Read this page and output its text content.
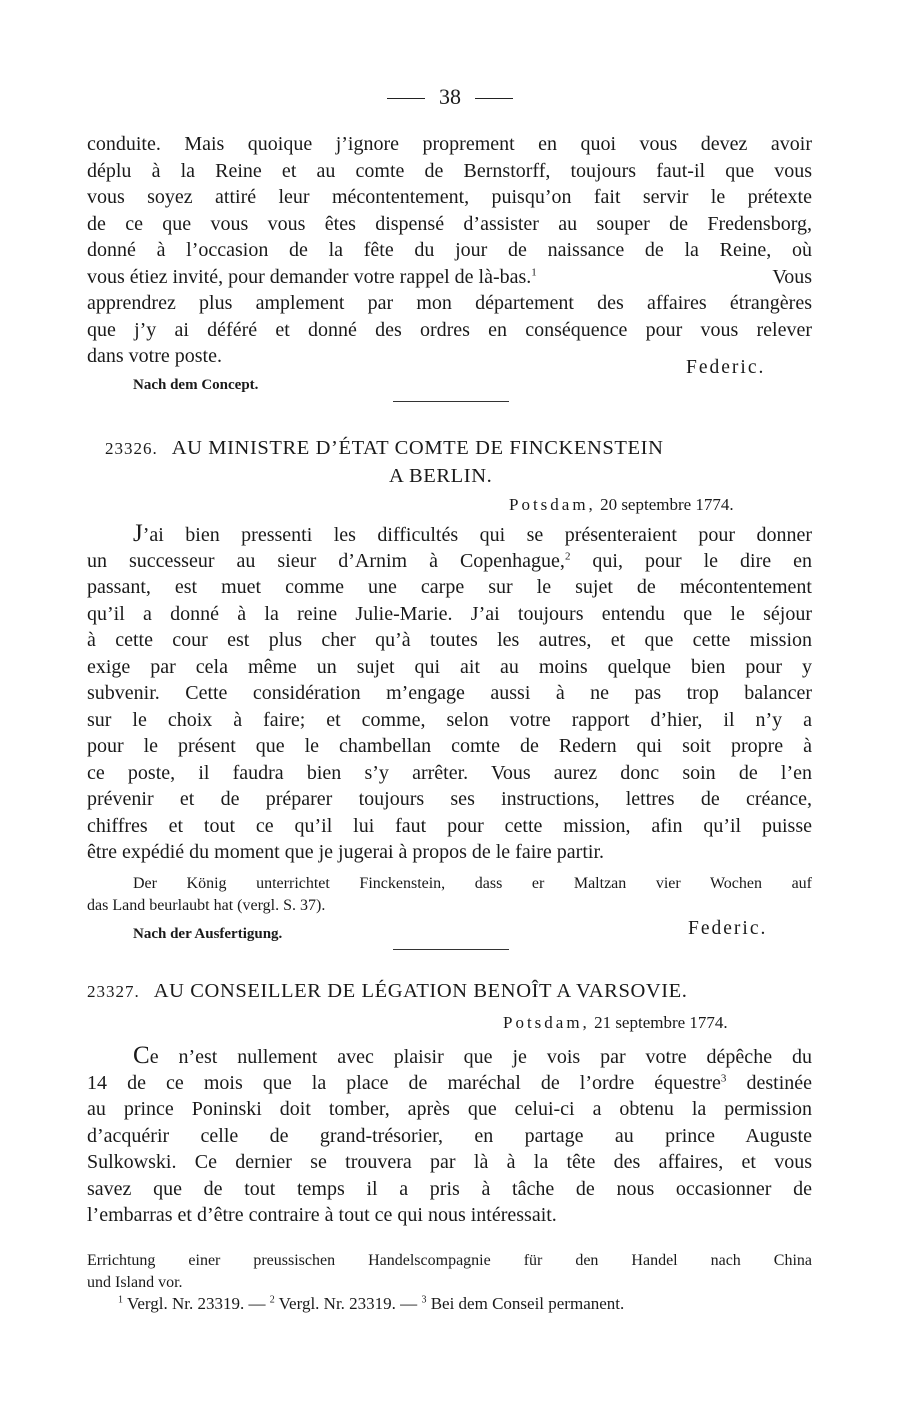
38
conduite. Mais quoique j’ignore proprement en quoi vous devez avoir
déplu à la Reine et au comte de Bernstorff, toujours faut-il que vous
vous soyez attiré leur mécontentement, puisqu’on fait servir le prétexte
de ce que vous vous êtes dispensé d’assister au souper de Fredensborg,
donné à l’occasion de la fête du jour de naissance de la Reine, où
vous étiez invité, pour demander votre rappel de là-bas.$^1$	Vous
apprendrez plus amplement par mon département des affaires étrangères
que j’y ai déféré et donné des ordres en conséquence pour vous relever
dans votre poste.
Federic.
Nach dem Concept.
23326. AU MINISTRE D’ÉTAT COMTE DE FINCKENSTEIN
A BERLIN.
Potsdam, 20 septembre 1774.
J’ai bien pressenti les difficultés qui se présenteraient pour donner
un successeur au sieur d’Arnim à Copenhague,$^2$ qui, pour le dire en
passant, est muet comme une carpe sur le sujet de mécontentement
qu’il a donné à la reine Julie-Marie. J’ai toujours entendu que le séjour
à cette cour est plus cher qu’à toutes les autres, et que cette mission
exige par cela même un sujet qui ait au moins quelque bien pour y
subvenir. Cette considération m’engage aussi à ne pas trop balancer
sur le choix à faire; et comme, selon votre rapport d’hier, il n’y a
pour le présent que le chambellan comte de Redern qui soit propre à
ce poste, il faudra bien s’y arrêter. Vous aurez donc soin de l’en
prévenir et de préparer toujours ses instructions, lettres de créance,
chiffres et tout ce qu’il lui faut pour cette mission, afin qu’il puisse
être expédié du moment que je jugerai à propos de le faire partir.
Der König unterrichtet Finckenstein, dass er Maltzan vier Wochen auf
das Land beurlaubt hat (vergl. S. 37).
Nach der Ausfertigung.	Federic.
23327. AU CONSEILLER DE LÉGATION BENOÎT A VARSOVIE.
Potsdam, 21 septembre 1774.
Ce n’est nullement avec plaisir que je vois par votre dépêche du
14 de ce mois que la place de maréchal de l’ordre équestre$^3$ destinée
au prince Poninski doit tomber, après que celui-ci a obtenu la permission
d’acquérir celle de grand-trésorier, en partage au prince Auguste
Sulkowski. Ce dernier se trouvera par là à la tête des affaires, et vous
savez que de tout temps il a pris à tâche de nous occasionner de
l’embarras et d’être contraire à tout ce qui nous intéressait.
Errichtung einer preussischen Handelscompagnie für den Handel nach China
und Island vor.
$^1$ Vergl. Nr. 23319. — $^2$ Vergl. Nr. 23319. — $^3$ Bei dem Conseil permanent.
